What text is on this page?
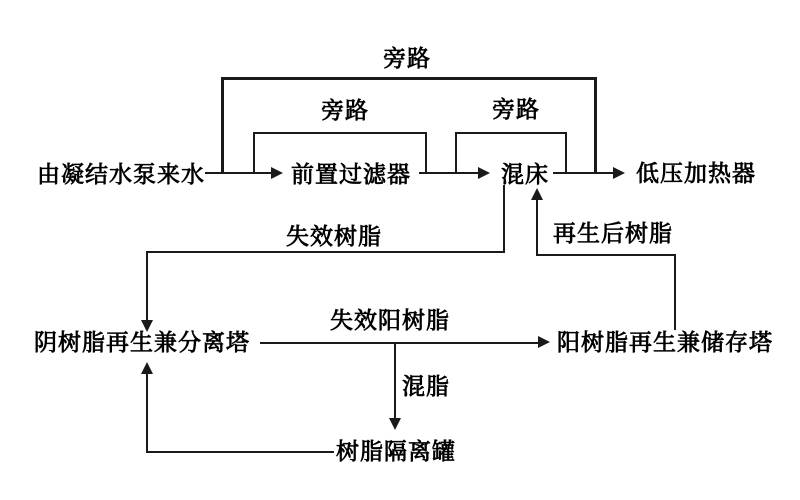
由凝结水泵来水	前置过滤器	混床	低压加热器
阴树脂再生兼分离塔	阳树脂再生兼储存塔
树脂隔离罐
旁路
旁路	旁路
失效树脂	再生后树脂
失效阳树脂
混脂
